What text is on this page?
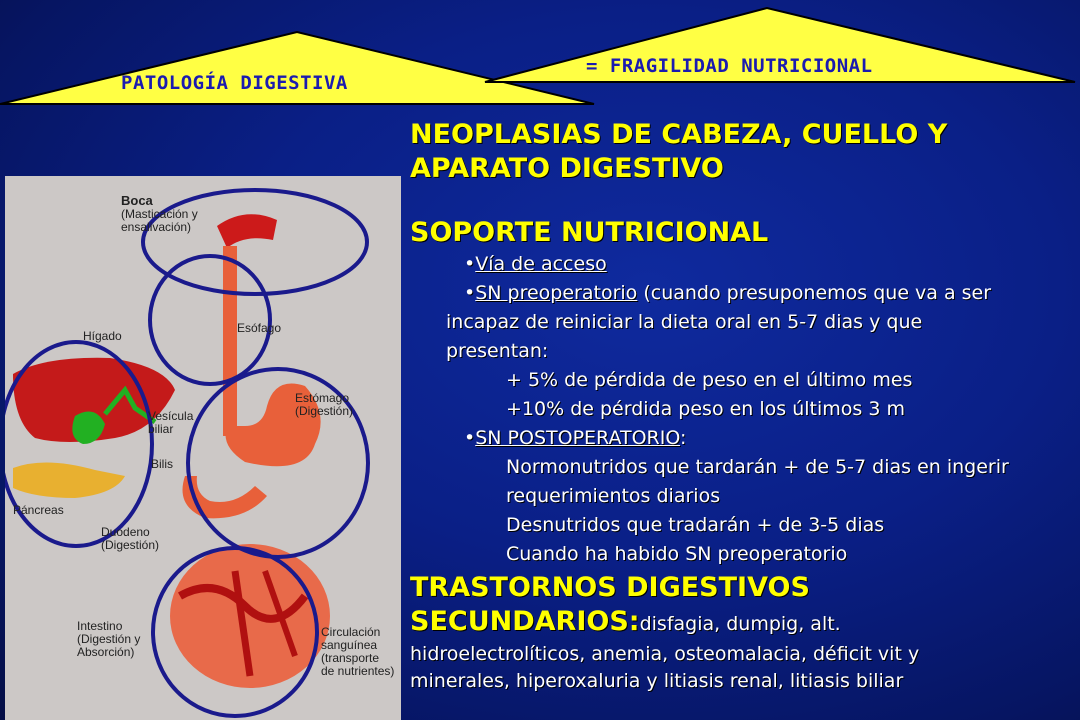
PATOLOGÍA DIGESTIVA
= FRAGILIDAD NUTRICIONAL
Boca
(Masticación y
ensalivación)
Hígado
Esófago
Estómago
(Digestión)
Vesícula
biliar
Bilis
Páncreas
Duodeno
(Digestión)
Intestino
(Digestión y
Absorción)
Circulación
sanguínea
(transporte
de nutrientes)
NEOPLASIAS DE CABEZA, CUELLO Y
APARATO DIGESTIVO
SOPORTE NUTRICIONAL
•Vía de acceso
•SN preoperatorio (cuando presuponemos que va a ser
incapaz de reiniciar la dieta oral en 5-7 dias y que
presentan:
+ 5% de pérdida de peso en el último mes
+10% de pérdida peso en los últimos 3 m
•SN POSTOPERATORIO:
Normonutridos que tardarán + de 5-7 dias en ingerir
requerimientos diarios
Desnutridos que tradarán + de 3-5 dias
Cuando ha habido SN preoperatorio
TRASTORNOS DIGESTIVOS
SECUNDARIOS:disfagia, dumpig, alt.
hidroelectrolíticos, anemia, osteomalacia, déficit vit y
minerales, hiperoxaluria y litiasis renal, litiasis biliar
